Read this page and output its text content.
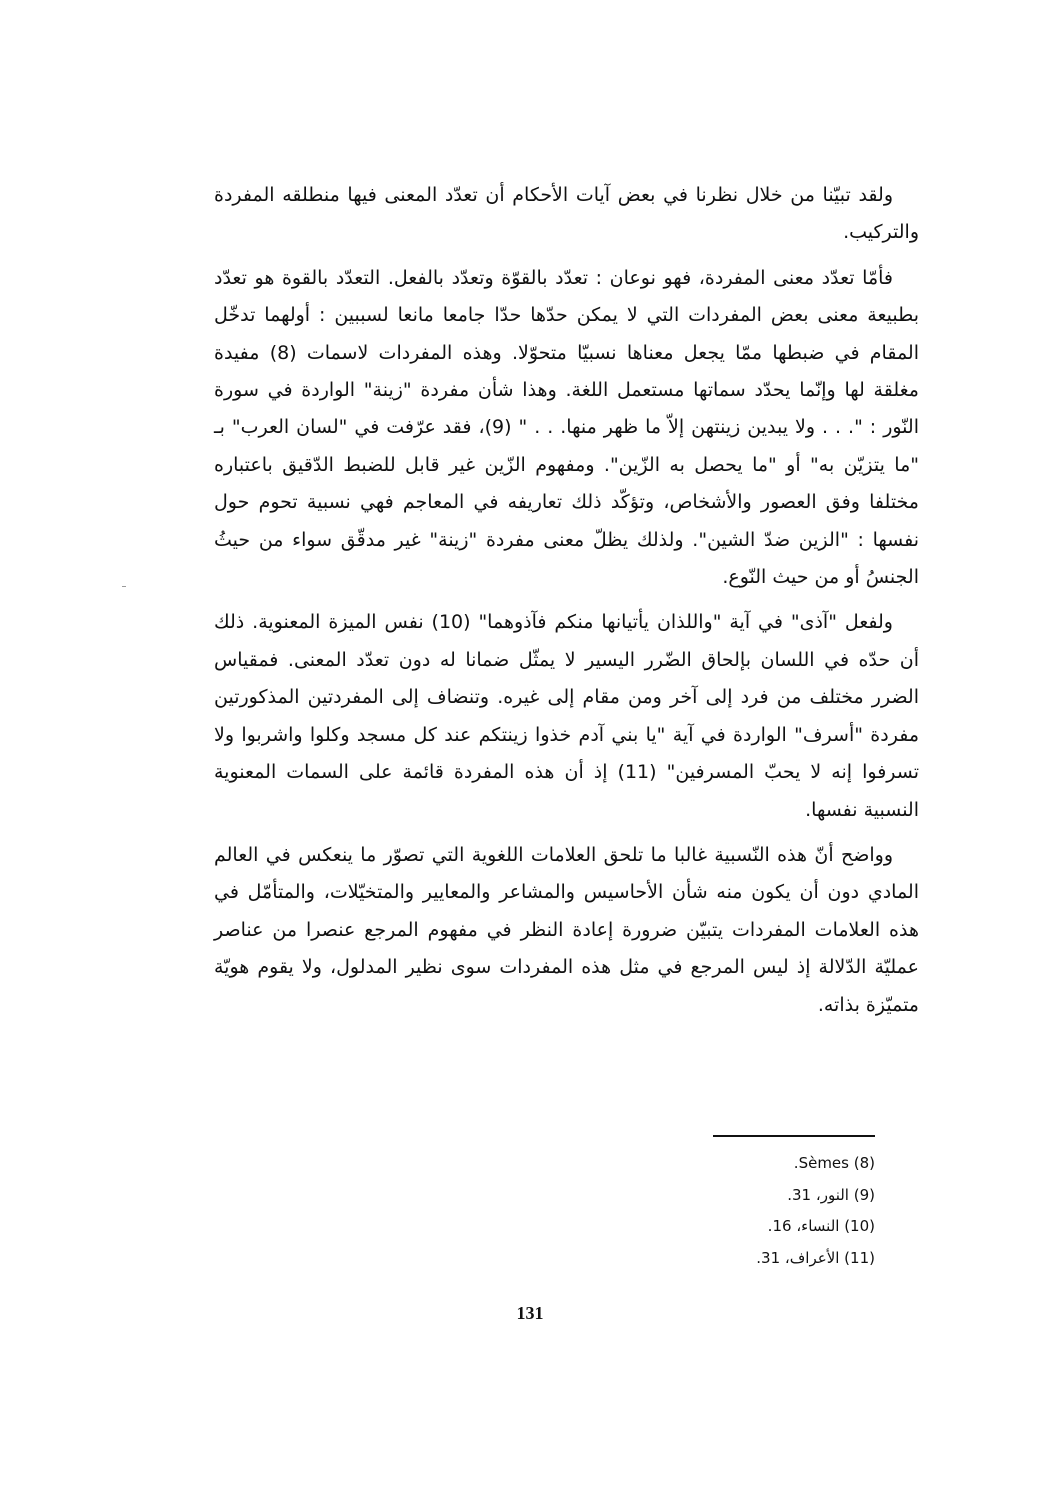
ولقد تبيّنا من خلال نظرنا في بعض آيات الأحكام أن تعدّد المعنى فيها منطلقه المفردة والتركيب.

فأمّا تعدّد معنى المفردة، فهو نوعان : تعدّد بالقوّة وتعدّد بالفعل. التعدّد بالقوة هو تعدّد بطبيعة معنى بعض المفردات التي لا يمكن حدّها حدّا جامعا مانعا لسببين : أولهما تدخّل المقام في ضبطها ممّا يجعل معناها نسبيّا متحوّلا. وهذه المفردات لاسمات (8) مفيدة مغلقة لها وإنّما يحدّد سماتها مستعمل اللغة. وهذا شأن مفردة "زينة" الواردة في سورة النّور : ". . . ولا يبدين زينتهن إلاّ ما ظهر منها. . . " (9)، فقد عرّفت في "لسان العرب" بـ "ما يتزيّن به" أو "ما يحصل به الزّين". ومفهوم الزّين غير قابل للضبط الدّقيق باعتباره مختلفا وفق العصور والأشخاص، وتؤكّد ذلك تعاريفه في المعاجم فهي نسبية تحوم حول نفسها : "الزين ضدّ الشين". ولذلك يظلّ معنى مفردة "زينة" غير مدقّق سواء من حيثُ الجنسُ أو من حيث النّوع.

ولفعل "آذى" في آية "واللذان يأتيانها منكم فآذوهما" (10) نفس الميزة المعنوية. ذلك أن حدّه في اللسان بإلحاق الضّرر اليسير لا يمثّل ضمانا له دون تعدّد المعنى. فمقياس الضرر مختلف من فرد إلى آخر ومن مقام إلى غيره. وتنضاف إلى المفردتين المذكورتين مفردة "أسرف" الواردة في آية "يا بني آدم خذوا زينتكم عند كل مسجد وكلوا واشربوا ولا تسرفوا إنه لا يحبّ المسرفين" (11) إذ أن هذه المفردة قائمة على السمات المعنوية النسبية نفسها.

وواضح أنّ هذه النّسبية غالبا ما تلحق العلامات اللغوية التي تصوّر ما ينعكس في العالم المادي دون أن يكون منه شأن الأحاسيس والمشاعر والمعايير والمتخيّلات، والمتأمّل في هذه العلامات المفردات يتبيّن ضرورة إعادة النظر في مفهوم المرجع عنصرا من عناصر عمليّة الدّلالة إذ ليس المرجع في مثل هذه المفردات سوى نظير المدلول، ولا يقوم هويّة متميّزة بذاته.

(8) Sèmes.

(9) النور، 31.

(10) النساء، 16.

(11) الأعراف، 31.

131
